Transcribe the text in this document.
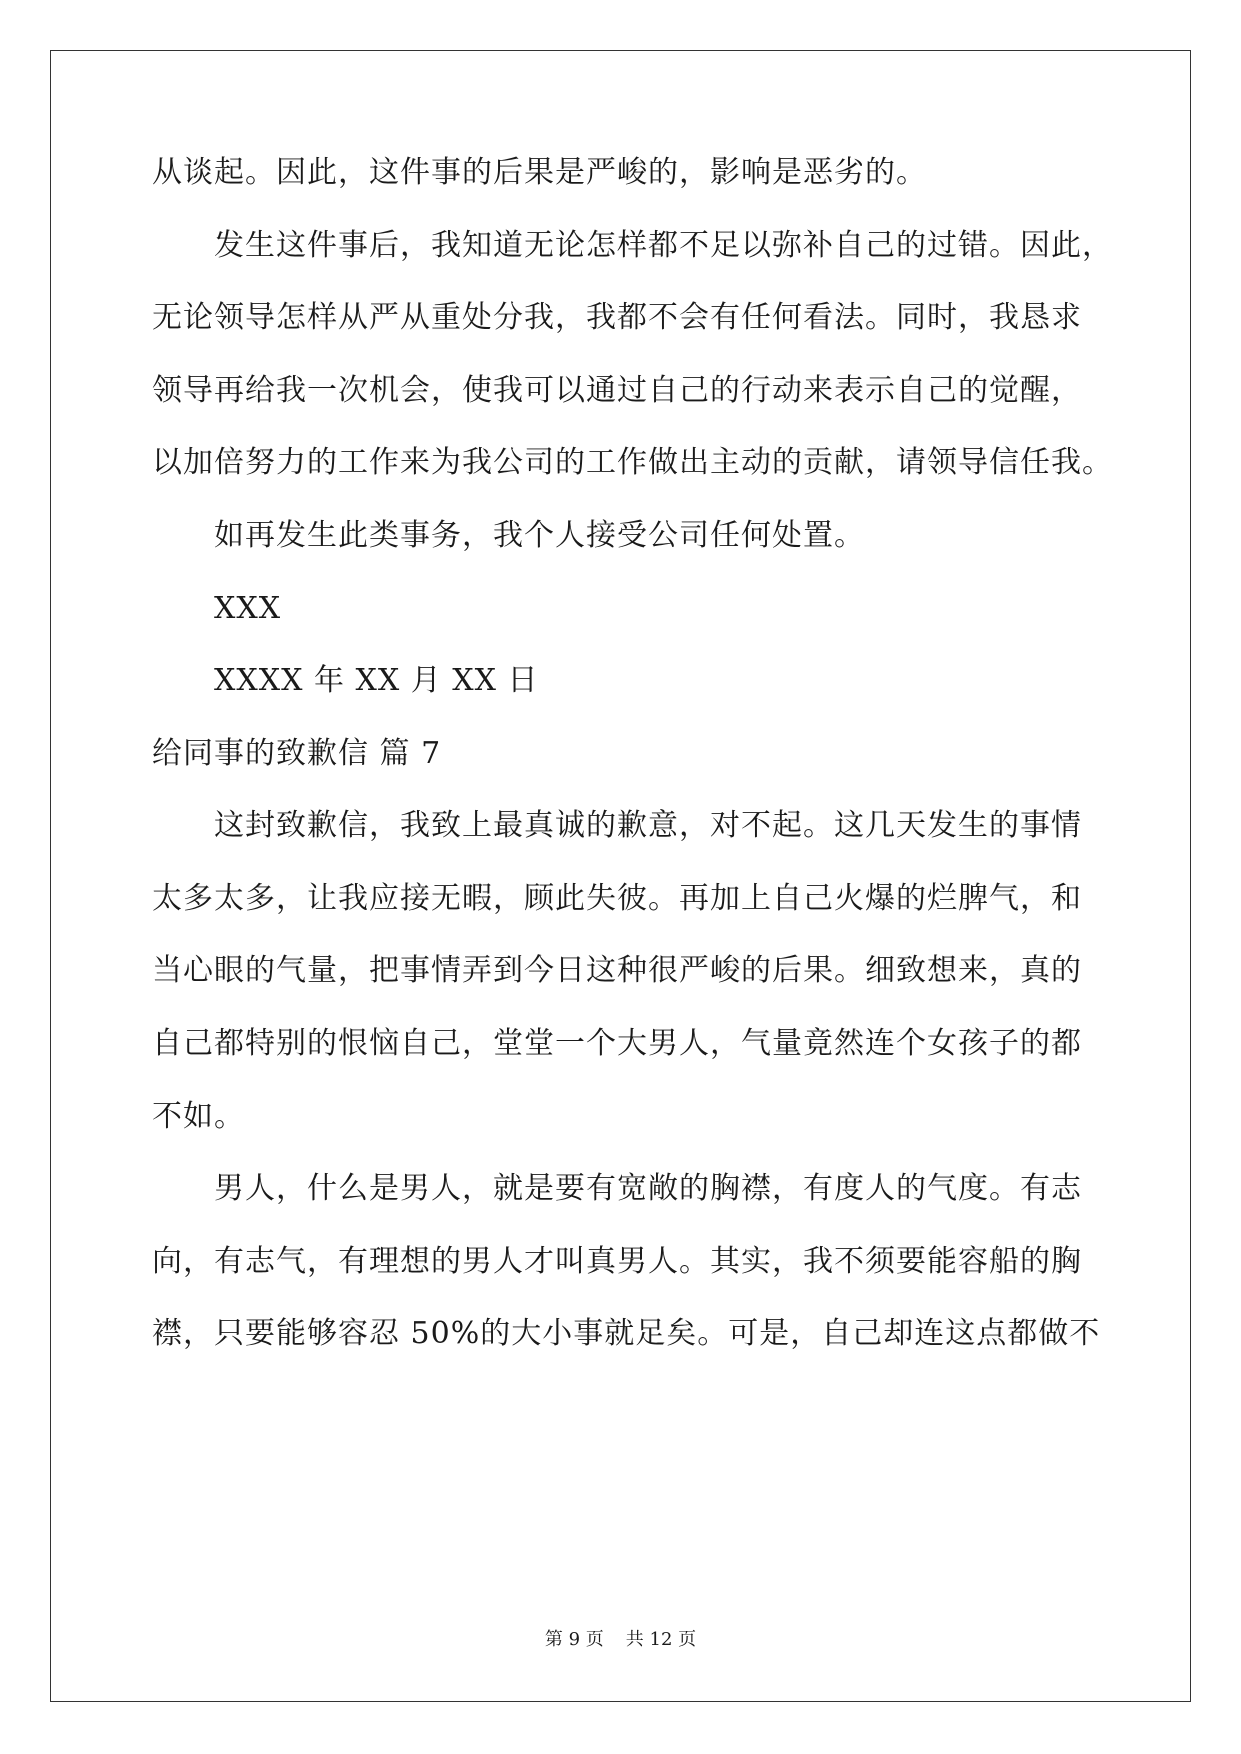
从谈起。因此，这件事的后果是严峻的，影响是恶劣的。
发生这件事后，我知道无论怎样都不足以弥补自己的过错。因此，
无论领导怎样从严从重处分我，我都不会有任何看法。同时，我恳求
领导再给我一次机会，使我可以通过自己的行动来表示自己的觉醒，
以加倍努力的工作来为我公司的工作做出主动的贡献，请领导信任我。
如再发生此类事务，我个人接受公司任何处置。
XXX
XXXX 年 XX 月 XX 日
给同事的致歉信 篇 7
这封致歉信，我致上最真诚的歉意，对不起。这几天发生的事情
太多太多，让我应接无暇，顾此失彼。再加上自己火爆的烂脾气，和
当心眼的气量，把事情弄到今日这种很严峻的后果。细致想来，真的
自己都特别的恨恼自己，堂堂一个大男人，气量竟然连个女孩子的都
不如。
男人，什么是男人，就是要有宽敞的胸襟，有度人的气度。有志
向，有志气，有理想的男人才叫真男人。其实，我不须要能容船的胸
襟，只要能够容忍 50%的大小事就足矣。可是，自己却连这点都做不
第 9 页 共 12 页
